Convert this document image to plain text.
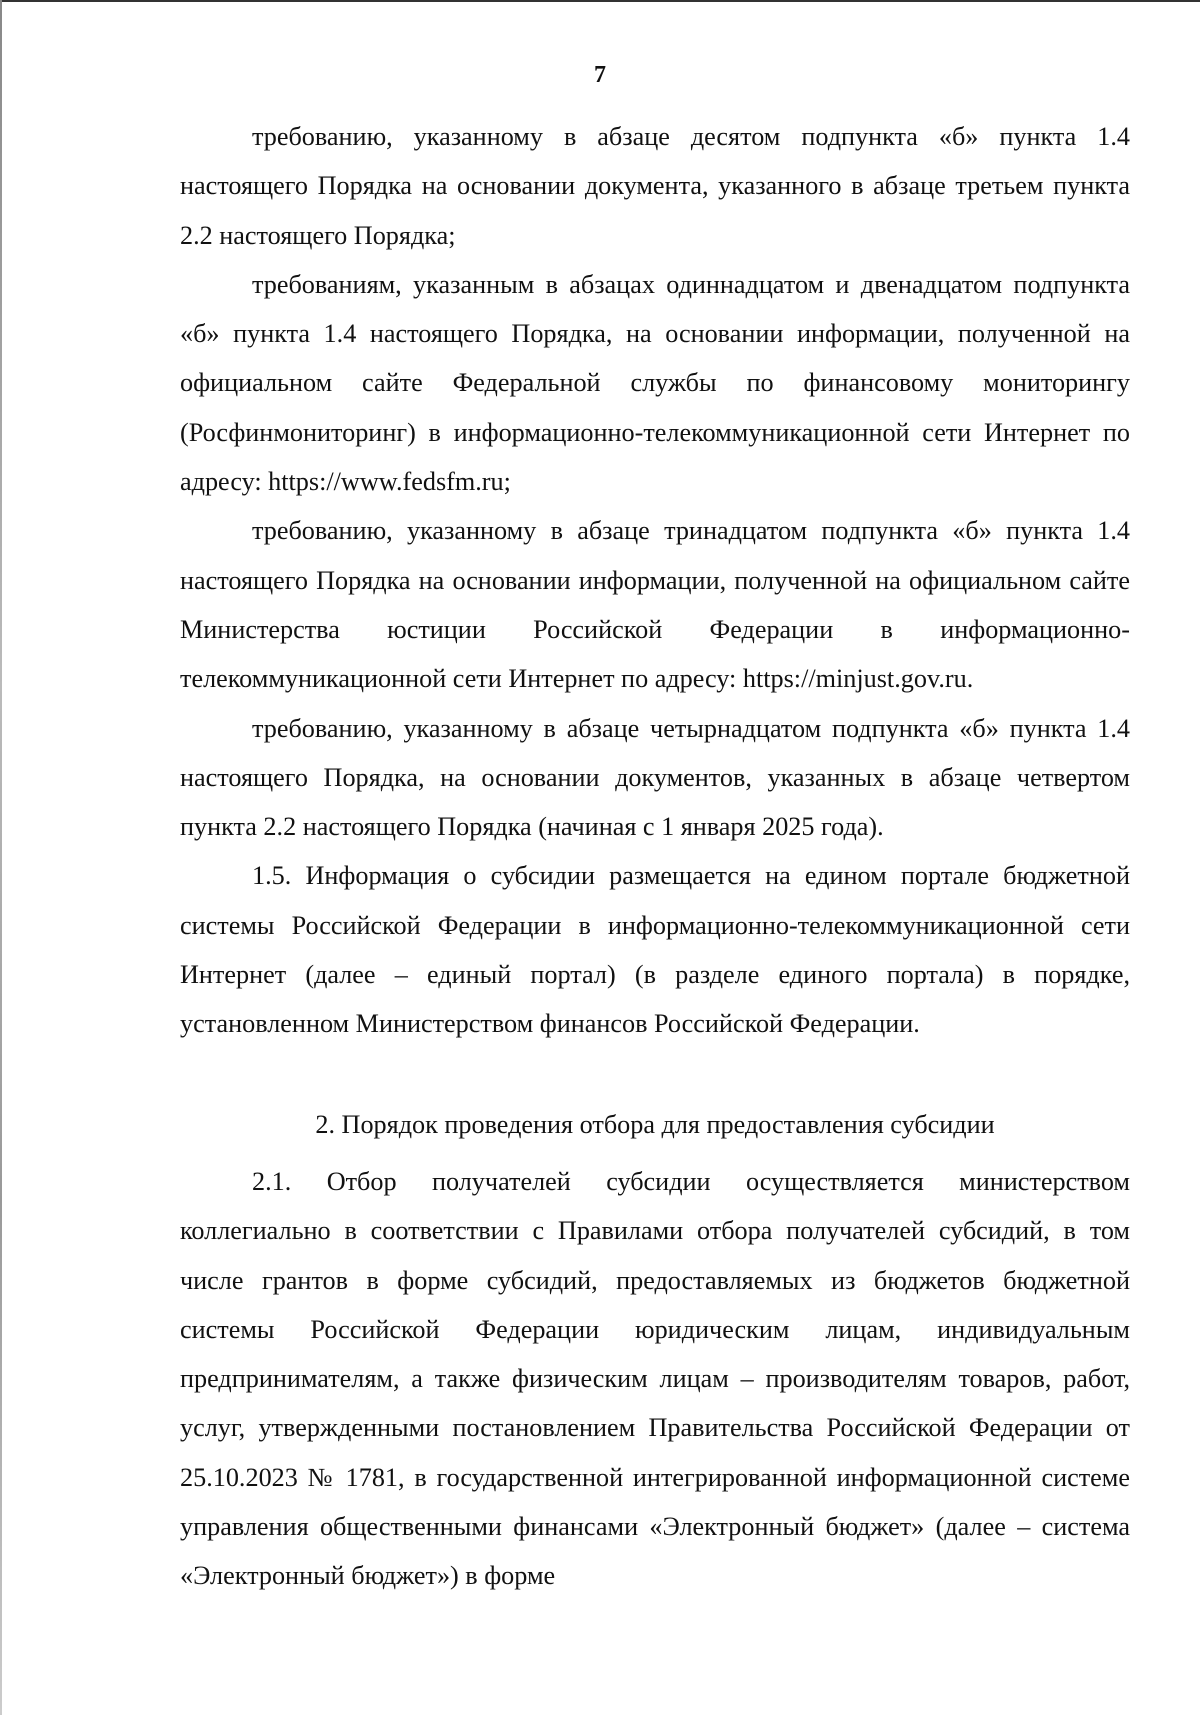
7

требованию, указанному в абзаце десятом подпункта «б» пункта 1.4 настоящего Порядка на основании документа, указанного в абзаце третьем пункта 2.2 настоящего Порядка;

требованиям, указанным в абзацах одиннадцатом и двенадцатом подпункта «б» пункта 1.4 настоящего Порядка, на основании информации, полученной на официальном сайте Федеральной службы по финансовому мониторингу (Росфинмониторинг) в информационно-телекоммуникационной сети Интернет по адресу: https://www.fedsfm.ru;

требованию, указанному в абзаце тринадцатом подпункта «б» пункта 1.4 настоящего Порядка на основании информации, полученной на официальном сайте Министерства юстиции Российской Федерации в информационно-телекоммуникационной сети Интернет по адресу: https://minjust.gov.ru.

требованию, указанному в абзаце четырнадцатом подпункта «б» пункта 1.4 настоящего Порядка, на основании документов, указанных в абзаце четвертом пункта 2.2 настоящего Порядка (начиная с 1 января 2025 года).

1.5. Информация о субсидии размещается на едином портале бюджетной системы Российской Федерации в информационно-телекоммуникационной сети Интернет (далее – единый портал) (в разделе единого портала) в порядке, установленном Министерством финансов Российской Федерации.

2. Порядок проведения отбора для предоставления субсидии

2.1. Отбор получателей субсидии осуществляется министерством коллегиально в соответствии с Правилами отбора получателей субсидий, в том числе грантов в форме субсидий, предоставляемых из бюджетов бюджетной системы Российской Федерации юридическим лицам, индивидуальным предпринимателям, а также физическим лицам – производителям товаров, работ, услуг, утвержденными постановлением Правительства Российской Федерации от 25.10.2023 № 1781, в государственной интегрированной информационной системе управления общественными финансами «Электронный бюджет» (далее – система «Электронный бюджет») в форме
